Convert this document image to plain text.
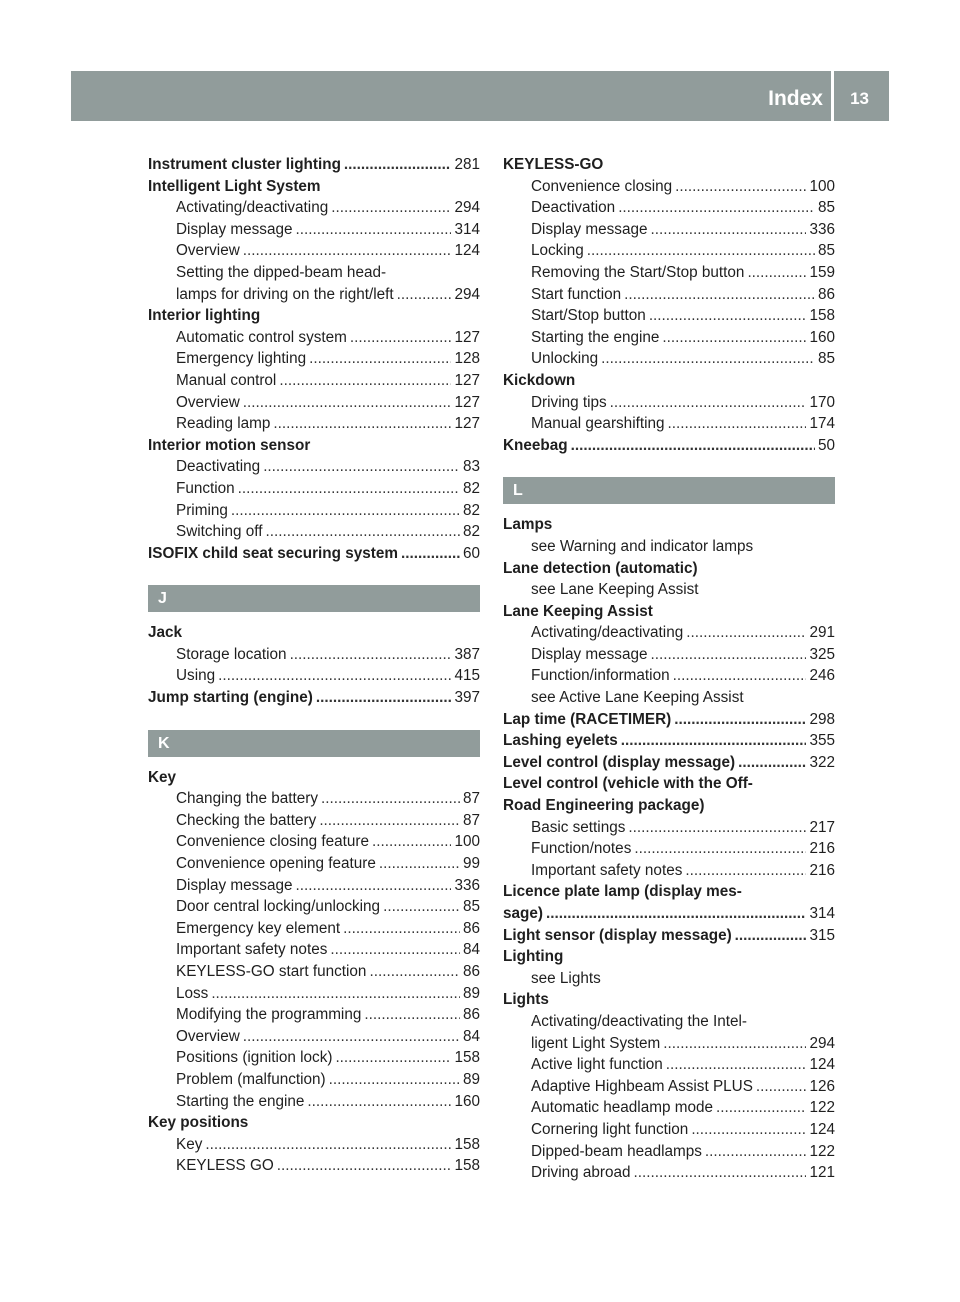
Index 13
Instrument cluster lighting .....	281
Intelligent Light System
Activating/deactivating .....	294
Display message .....	314
Overview .....	124
Setting the dipped-beam head-
lamps for driving on the right/left .....	294
Interior lighting
Automatic control system .....	127
Emergency lighting .....	128
Manual control .....	127
Overview .....	127
Reading lamp .....	127
Interior motion sensor
Deactivating .....	83
Function .....	82
Priming .....	82
Switching off .....	82
ISOFIX child seat securing system .....	60
J
Jack
Storage location .....	387
Using .....	415
Jump starting (engine) .....	397
K
Key
Changing the battery .....	87
Checking the battery .....	87
Convenience closing feature .....	100
Convenience opening feature .....	99
Display message .....	336
Door central locking/unlocking .....	85
Emergency key element .....	86
Important safety notes .....	84
KEYLESS-GO start function .....	86
Loss .....	89
Modifying the programming .....	86
Overview .....	84
Positions (ignition lock) .....	158
Problem (malfunction) .....	89
Starting the engine .....	160
Key positions
Key .....	158
KEYLESS GO .....	158
KEYLESS-GO
Convenience closing .....	100
Deactivation .....	85
Display message .....	336
Locking .....	85
Removing the Start/Stop button .....	159
Start function .....	86
Start/Stop button .....	158
Starting the engine .....	160
Unlocking .....	85
Kickdown
Driving tips .....	170
Manual gearshifting .....	174
Kneebag .....	50
L
Lamps
see Warning and indicator lamps
Lane detection (automatic)
see Lane Keeping Assist
Lane Keeping Assist
Activating/deactivating .....	291
Display message .....	325
Function/information .....	246
see Active Lane Keeping Assist
Lap time (RACETIMER) .....	298
Lashing eyelets .....	355
Level control (display message) .....	322
Level control (vehicle with the Off-
Road Engineering package)
Basic settings .....	217
Function/notes .....	216
Important safety notes .....	216
Licence plate lamp (display mes-
sage) .....	314
Light sensor (display message) .....	315
Lighting
see Lights
Lights
Activating/deactivating the Intel-
ligent Light System .....	294
Active light function .....	124
Adaptive Highbeam Assist PLUS .....	126
Automatic headlamp mode .....	122
Cornering light function .....	124
Dipped-beam headlamps .....	122
Driving abroad .....	121
